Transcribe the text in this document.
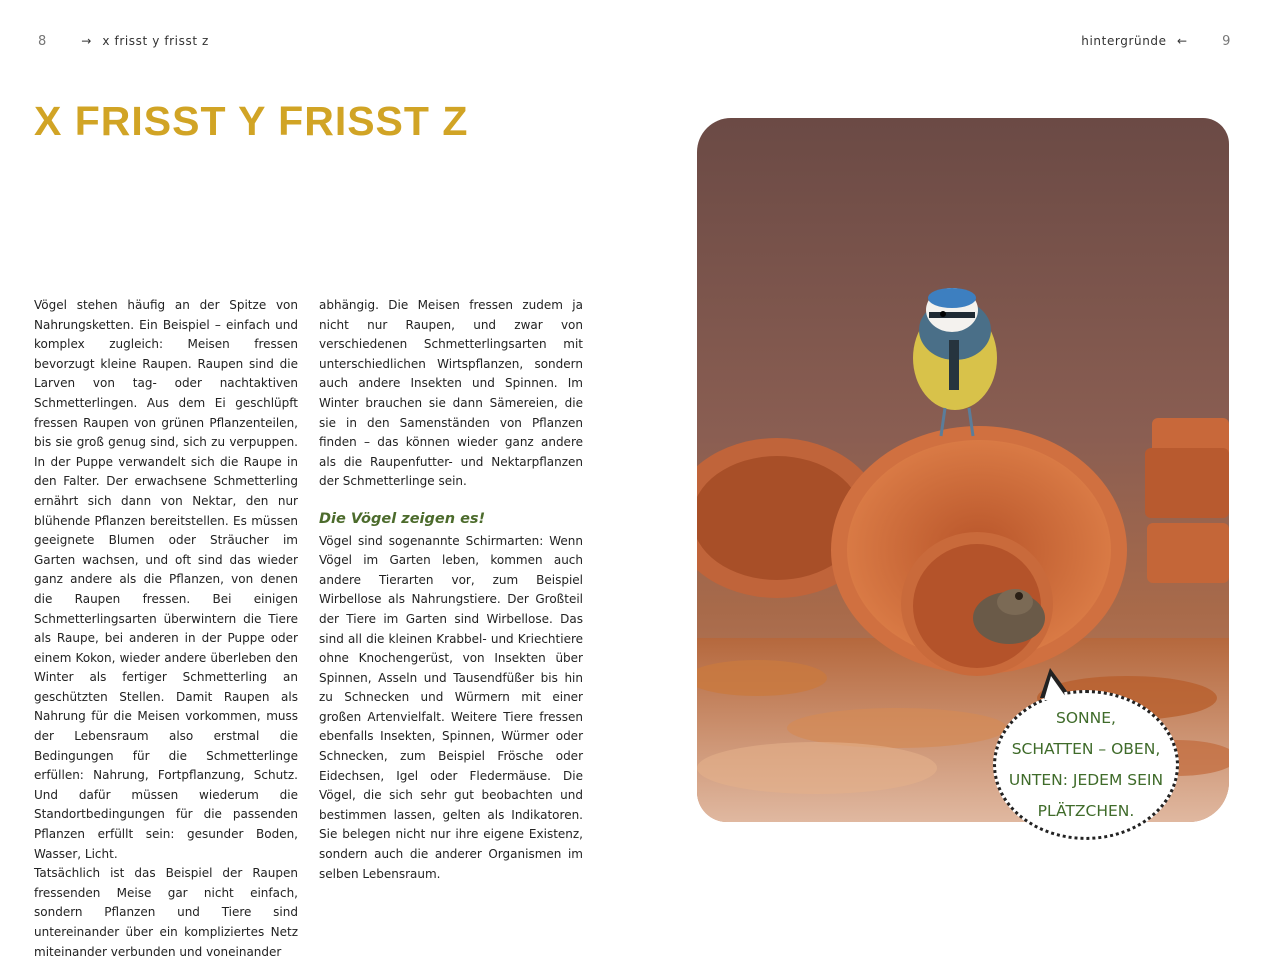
8	→ x frisst y frisst z	hintergründe ←	9
X FRISST Y FRISST Z

Vögel stehen häufig an der Spitze von Nahrungsketten. Ein Beispiel – einfach und komplex zugleich: Meisen fressen bevorzugt kleine Raupen. Raupen sind die Larven von tag- oder nachtaktiven Schmetterlingen. Aus dem Ei geschlüpft fressen Raupen von grünen Pflanzenteilen, bis sie groß genug sind, sich zu verpuppen. In der Puppe verwandelt sich die Raupe in den Falter. Der erwachsene Schmetterling ernährt sich dann von Nektar, den nur blühende Pflanzen bereitstellen. Es müssen geeignete Blumen oder Sträucher im Garten wachsen, und oft sind das wieder ganz andere als die Pflanzen, von denen die Raupen fressen. Bei einigen Schmetterlingsarten überwintern die Tiere als Raupe, bei anderen in der Puppe oder einem Kokon, wieder andere überleben den Winter als fertiger Schmetterling an geschützten Stellen. Damit Raupen als Nahrung für die Meisen vorkommen, muss der Lebensraum also erstmal die Bedingungen für die Schmetterlinge erfüllen: Nahrung, Fortpflanzung, Schutz. Und dafür müssen wiederum die Standortbedingungen für die passenden Pflanzen erfüllt sein: gesunder Boden, Wasser, Licht.

Tatsächlich ist das Beispiel der Raupen fressenden Meise gar nicht einfach, sondern Pflanzen und Tiere sind untereinander über ein kompliziertes Netz miteinander verbunden und voneinander

abhängig. Die Meisen fressen zudem ja nicht nur Raupen, und zwar von verschiedenen Schmetterlingsarten mit unterschiedlichen Wirtspflanzen, sondern auch andere Insekten und Spinnen. Im Winter brauchen sie dann Sämereien, die sie in den Samenständen von Pflanzen finden – das können wieder ganz andere als die Raupenfutter- und Nektarpflanzen der Schmetterlinge sein.

Die Vögel zeigen es!

Vögel sind sogenannte Schirmarten: Wenn Vögel im Garten leben, kommen auch andere Tierarten vor, zum Beispiel Wirbellose als Nahrungstiere. Der Großteil der Tiere im Garten sind Wirbellose. Das sind all die kleinen Krabbel- und Kriechtiere ohne Knochengerüst, von Insekten über Spinnen, Asseln und Tausendfüßer bis hin zu Schnecken und Würmern mit einer großen Artenvielfalt. Weitere Tiere fressen ebenfalls Insekten, Spinnen, Würmer oder Schnecken, zum Beispiel Frösche oder Eidechsen, Igel oder Fledermäuse. Die Vögel, die sich sehr gut beobachten und bestimmen lassen, gelten als Indikatoren. Sie belegen nicht nur ihre eigene Existenz, sondern auch die anderer Organismen im selben Lebensraum.

SONNE,
SCHATTEN – OBEN,
UNTEN: JEDEM SEIN
PLÄTZCHEN.
